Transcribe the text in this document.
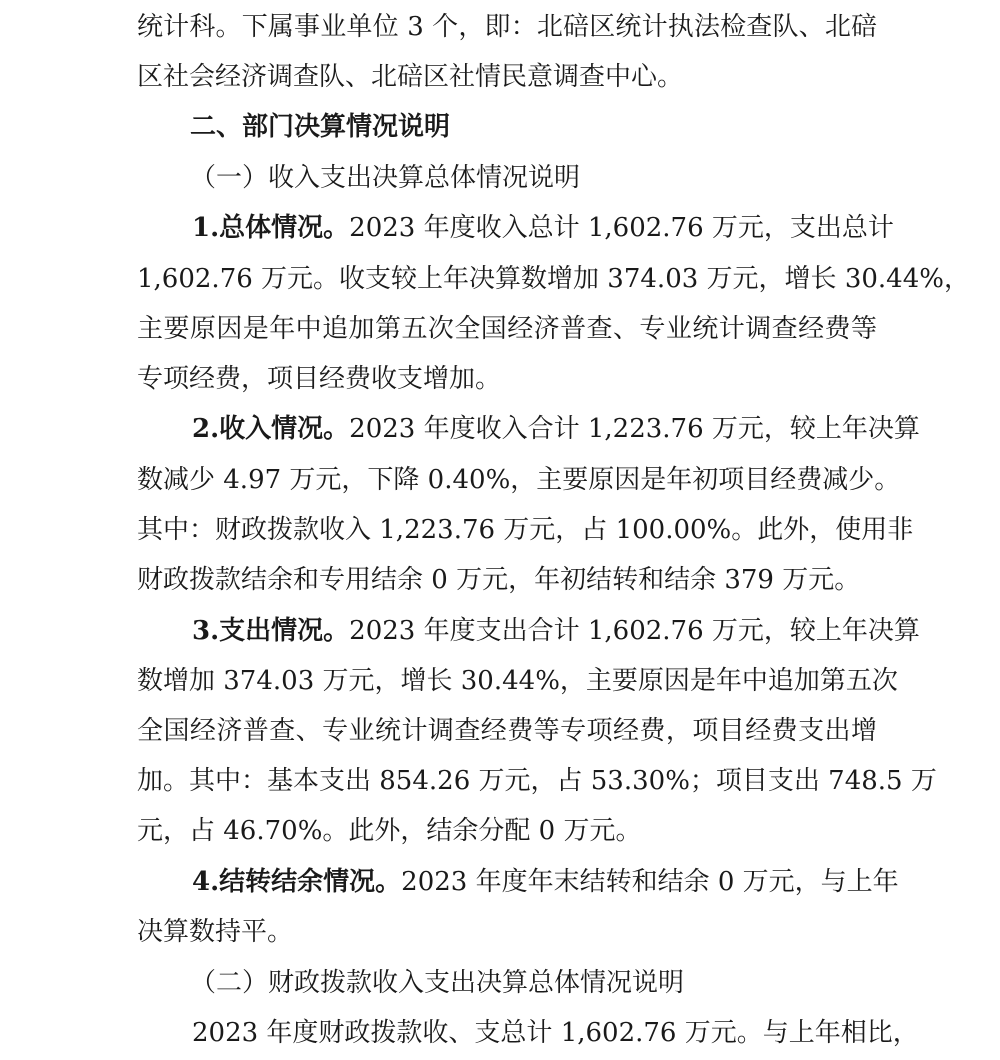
统计科。下属事业单位 3 个，即：北碚区统计执法检查队、北碚
区社会经济调查队、北碚区社情民意调查中心。
二、部门决算情况说明
（一）收入支出决算总体情况说明
1.总体情况。2023 年度收入总计 1,602.76 万元，支出总计
1,602.76 万元。收支较上年决算数增加 374.03 万元，增长 30.44%，
主要原因是年中追加第五次全国经济普查、专业统计调查经费等
专项经费，项目经费收支增加。
2.收入情况。2023 年度收入合计 1,223.76 万元，较上年决算
数减少 4.97 万元，下降 0.40%，主要原因是年初项目经费减少。
其中：财政拨款收入 1,223.76 万元，占 100.00%。此外，使用非
财政拨款结余和专用结余 0 万元，年初结转和结余 379 万元。
3.支出情况。2023 年度支出合计 1,602.76 万元，较上年决算
数增加 374.03 万元，增长 30.44%，主要原因是年中追加第五次
全国经济普查、专业统计调查经费等专项经费，项目经费支出增
加。其中：基本支出 854.26 万元，占 53.30%；项目支出 748.5 万
元，占 46.70%。此外，结余分配 0 万元。
4.结转结余情况。2023 年度年末结转和结余 0 万元，与上年
决算数持平。
（二）财政拨款收入支出决算总体情况说明
2023 年度财政拨款收、支总计 1,602.76 万元。与上年相比，
